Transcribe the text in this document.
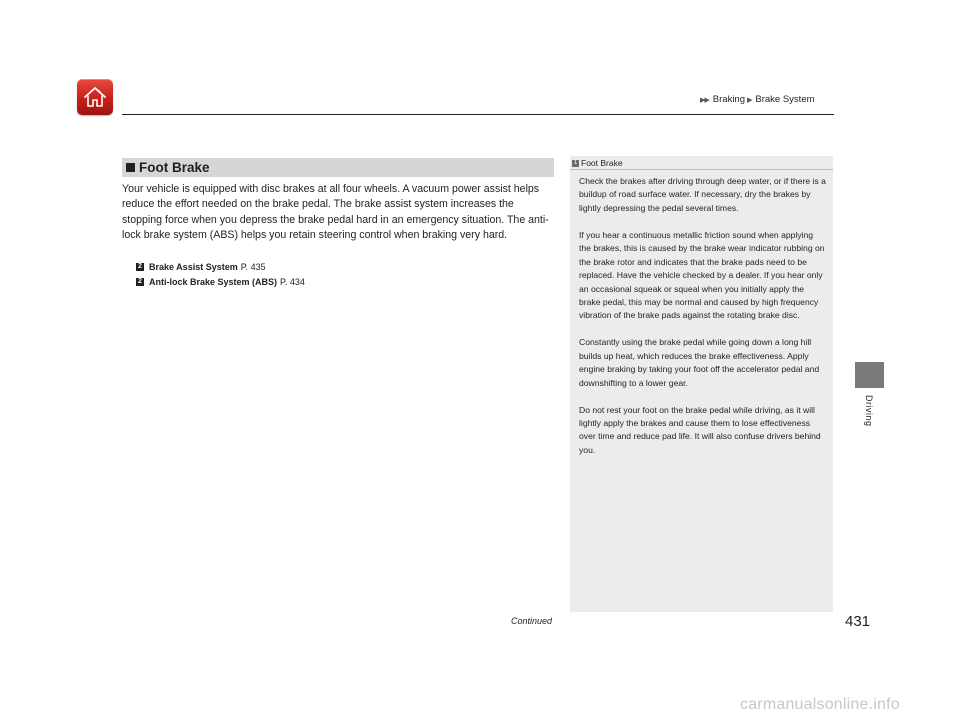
▶▶ Braking ▶ Brake System
Driving
Foot Brake
Your vehicle is equipped with disc brakes at all four wheels. A vacuum power assist helps reduce the effort needed on the brake pedal. The brake assist system increases the stopping force when you depress the brake pedal hard in an emergency situation. The anti-lock brake system (ABS) helps you retain steering control when braking very hard.
2 Brake Assist System P. 435
2 Anti-lock Brake System (ABS) P. 434
1 Foot Brake

Check the brakes after driving through deep water, or if there is a buildup of road surface water. If necessary, dry the brakes by lightly depressing the pedal several times.

If you hear a continuous metallic friction sound when applying the brakes, this is caused by the brake wear indicator rubbing on the brake rotor and indicates that the brake pads need to be replaced. Have the vehicle checked by a dealer. If you hear only an occasional squeak or squeal when you initially apply the brake pedal, this may be normal and caused by high frequency vibration of the brake pads against the rotating brake disc.

Constantly using the brake pedal while going down a long hill builds up heat, which reduces the brake effectiveness. Apply engine braking by taking your foot off the accelerator pedal and downshifting to a lower gear.

Do not rest your foot on the brake pedal while driving, as it will lightly apply the brakes and cause them to lose effectiveness over time and reduce pad life. It will also confuse drivers behind you.

Continued	431
carmanualsonline.info
